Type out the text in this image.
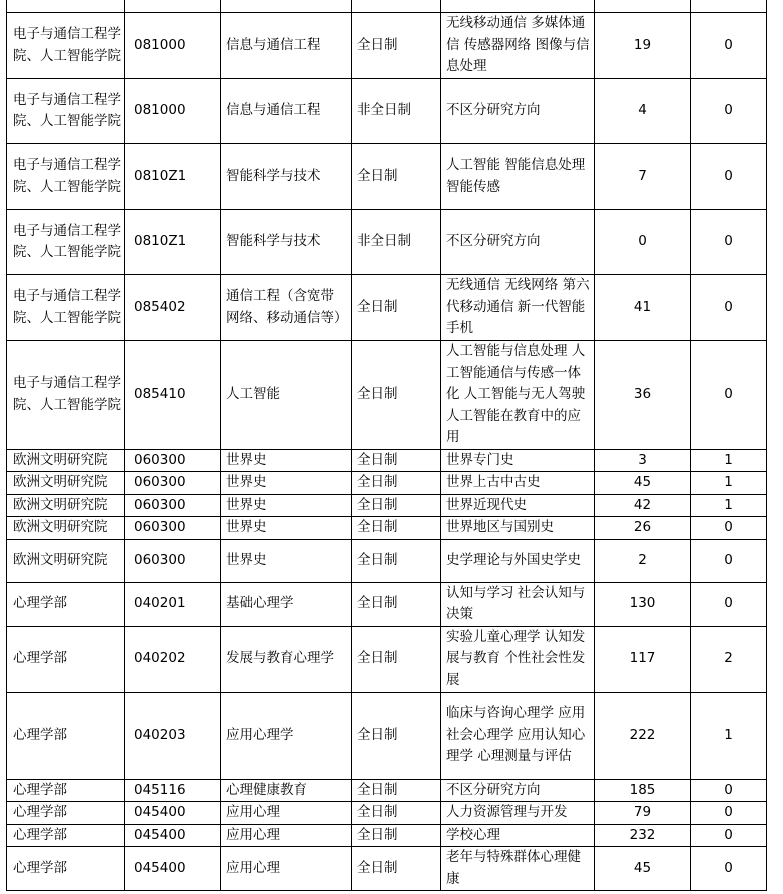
电子与通信工程学院、人工智能学院	081000	信息与通信工程	全日制	无线移动通信 多媒体通信 传感器网络 图像与信息处理	19	0
电子与通信工程学院、人工智能学院	081000	信息与通信工程	非全日制	不区分研究方向	4	0
电子与通信工程学院、人工智能学院	0810Z1	智能科学与技术	全日制	人工智能 智能信息处理 智能传感	7	0
电子与通信工程学院、人工智能学院	0810Z1	智能科学与技术	非全日制	不区分研究方向	0	0
电子与通信工程学院、人工智能学院	085402	通信工程（含宽带网络、移动通信等）	全日制	无线通信 无线网络 第六代移动通信 新一代智能手机	41	0
电子与通信工程学院、人工智能学院	085410	人工智能	全日制	人工智能与信息处理 人工智能通信与传感一体化 人工智能与无人驾驶 人工智能在教育中的应用	36	0
欧洲文明研究院	060300	世界史	全日制	世界专门史	3	1
欧洲文明研究院	060300	世界史	全日制	世界上古中古史	45	1
欧洲文明研究院	060300	世界史	全日制	世界近现代史	42	1
欧洲文明研究院	060300	世界史	全日制	世界地区与国别史	26	0
欧洲文明研究院	060300	世界史	全日制	史学理论与外国史学史	2	0
心理学部	040201	基础心理学	全日制	认知与学习 社会认知与决策	130	0
心理学部	040202	发展与教育心理学	全日制	实验儿童心理学 认知发展与教育 个性社会性发展	117	2
心理学部	040203	应用心理学	全日制	临床与咨询心理学 应用社会心理学 应用认知心理学 心理测量与评估	222	1
心理学部	045116	心理健康教育	全日制	不区分研究方向	185	0
心理学部	045400	应用心理	全日制	人力资源管理与开发	79	0
心理学部	045400	应用心理	全日制	学校心理	232	0
心理学部	045400	应用心理	全日制	老年与特殊群体心理健康	45	0
